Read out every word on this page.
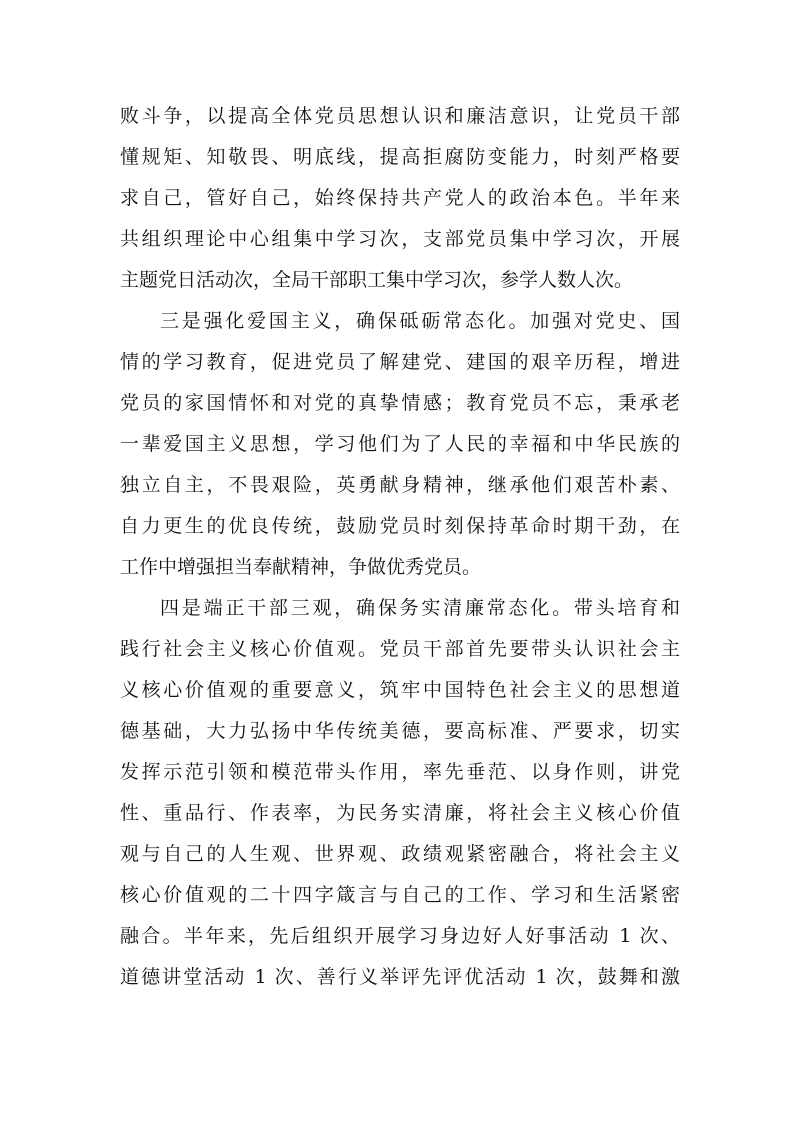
败斗争，以提高全体党员思想认识和廉洁意识，让党员干部
懂规矩、知敬畏、明底线，提高拒腐防变能力，时刻严格要
求自己，管好自己，始终保持共产党人的政治本色。半年来
共组织理论中心组集中学习次，支部党员集中学习次，开展
主题党日活动次，全局干部职工集中学习次，参学人数人次。
三是强化爱国主义，确保砥砺常态化。加强对党史、国
情的学习教育，促进党员了解建党、建国的艰辛历程，增进
党员的家国情怀和对党的真挚情感；教育党员不忘，秉承老
一辈爱国主义思想，学习他们为了人民的幸福和中华民族的
独立自主，不畏艰险，英勇献身精神，继承他们艰苦朴素、
自力更生的优良传统，鼓励党员时刻保持革命时期干劲，在
工作中增强担当奉献精神，争做优秀党员。
四是端正干部三观，确保务实清廉常态化。带头培育和
践行社会主义核心价值观。党员干部首先要带头认识社会主
义核心价值观的重要意义，筑牢中国特色社会主义的思想道
德基础，大力弘扬中华传统美德，要高标准、严要求，切实
发挥示范引领和模范带头作用，率先垂范、以身作则，讲党
性、重品行、作表率，为民务实清廉，将社会主义核心价值
观与自己的人生观、世界观、政绩观紧密融合，将社会主义
核心价值观的二十四字箴言与自己的工作、学习和生活紧密
融合。半年来，先后组织开展学习身边好人好事活动 1 次、
道德讲堂活动 1 次、善行义举评先评优活动 1 次，鼓舞和激
